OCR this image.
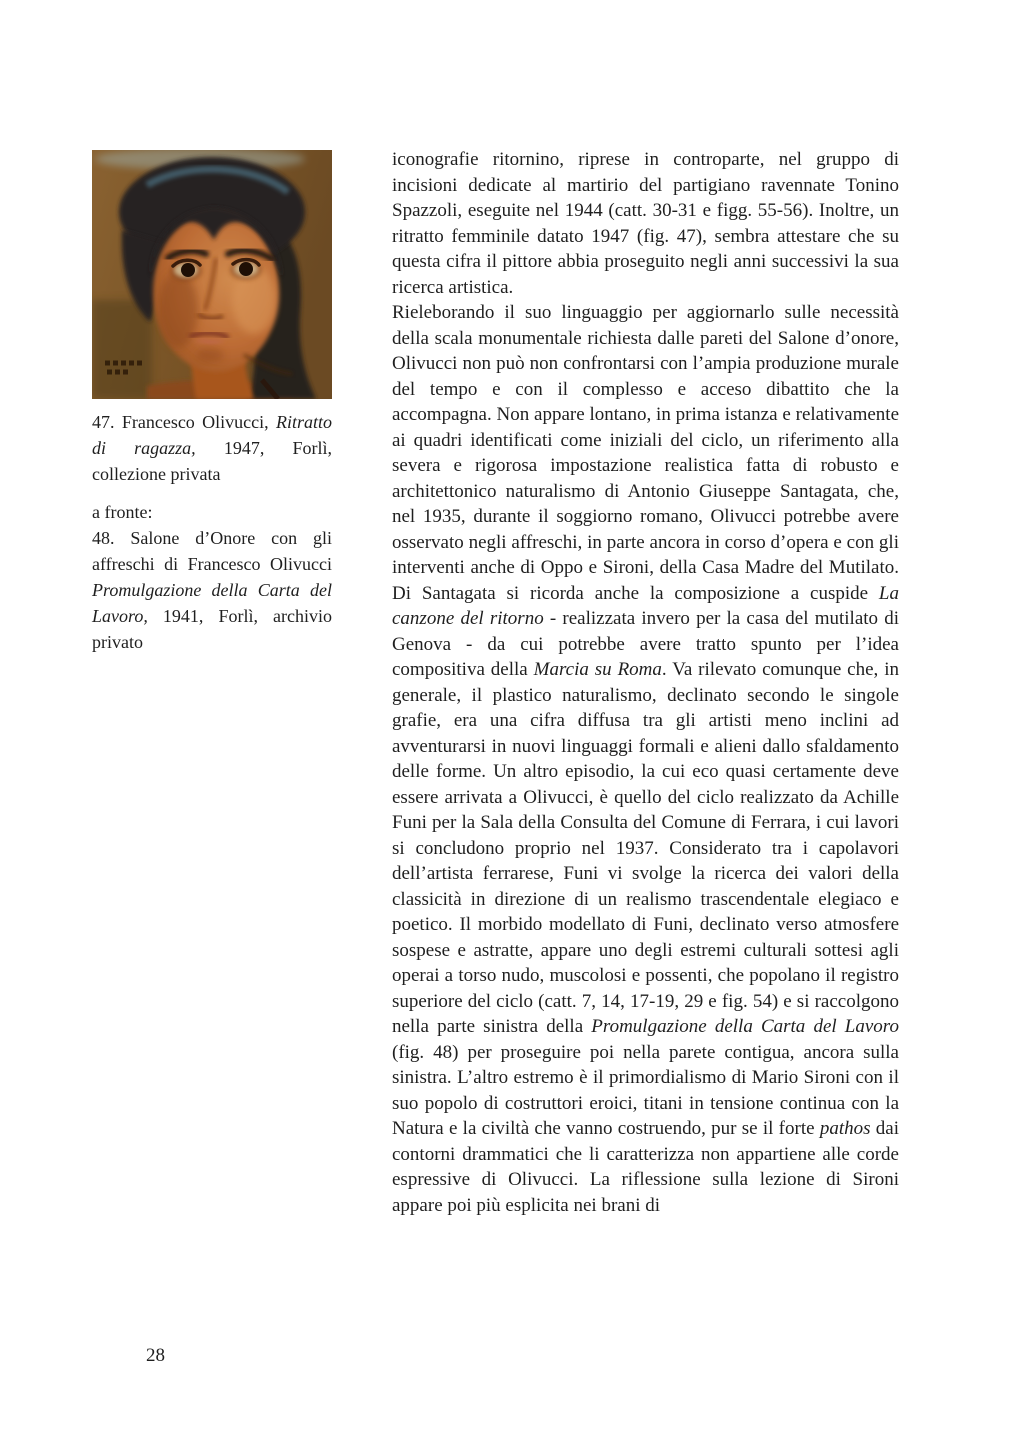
47. Francesco Olivucci, Ritratto di ragazza, 1947, Forlì, collezione privata
a fronte:
48. Salone d’Onore con gli affreschi di Francesco Olivucci Promulgazione della Carta del Lavoro, 1941, Forlì, archivio privato

iconografie ritornino, riprese in controparte, nel gruppo di incisioni dedicate al martirio del partigiano ravennate Tonino Spazzoli, eseguite nel 1944 (catt. 30-31 e figg. 55-56). Inoltre, un ritratto femminile datato 1947 (fig. 47), sembra attestare che su questa cifra il pittore abbia proseguito negli anni successivi la sua ricerca artistica.

Rieleborando il suo linguaggio per aggiornarlo sulle necessità della scala monumentale richiesta dalle pareti del Salone d’onore, Olivucci non può non confrontarsi con l’ampia produzione murale del tempo e con il complesso e acceso dibattito che la accompagna. Non appare lontano, in prima istanza e relativamente ai quadri identificati come iniziali del ciclo, un riferimento alla severa e rigorosa impostazione realistica fatta di robusto e architettonico naturalismo di Antonio Giuseppe Santagata, che, nel 1935, durante il soggiorno romano, Olivucci potrebbe avere osservato negli affreschi, in parte ancora in corso d’opera e con gli interventi anche di Oppo e Sironi, della Casa Madre del Mutilato. Di Santagata si ricorda anche la composizione a cuspide La canzone del ritorno - realizzata invero per la casa del mutilato di Genova - da cui potrebbe avere tratto spunto per l’idea compositiva della Marcia su Roma. Va rilevato comunque che, in generale, il plastico naturalismo, declinato secondo le singole grafie, era una cifra diffusa tra gli artisti meno inclini ad avventurarsi in nuovi linguaggi formali e alieni dallo sfaldamento delle forme. Un altro episodio, la cui eco quasi certamente deve essere arrivata a Olivucci, è quello del ciclo realizzato da Achille Funi per la Sala della Consulta del Comune di Ferrara, i cui lavori si concludono proprio nel 1937. Considerato tra i capolavori dell’artista ferrarese, Funi vi svolge la ricerca dei valori della classicità in direzione di un realismo trascendentale elegiaco e poetico. Il morbido modellato di Funi, declinato verso atmosfere sospese e astratte, appare uno degli estremi culturali sottesi agli operai a torso nudo, muscolosi e possenti, che popolano il registro superiore del ciclo (catt. 7, 14, 17-19, 29 e fig. 54) e si raccolgono nella parte sinistra della Promulgazione della Carta del Lavoro (fig. 48) per proseguire poi nella parete contigua, ancora sulla sinistra. L’altro estremo è il primordialismo di Mario Sironi con il suo popolo di costruttori eroici, titani in tensione continua con la Natura e la civiltà che vanno costruendo, pur se il forte pathos dai contorni drammatici che li caratterizza non appartiene alle corde espressive di Olivucci. La riflessione sulla lezione di Sironi appare poi più esplicita nei brani di

28
